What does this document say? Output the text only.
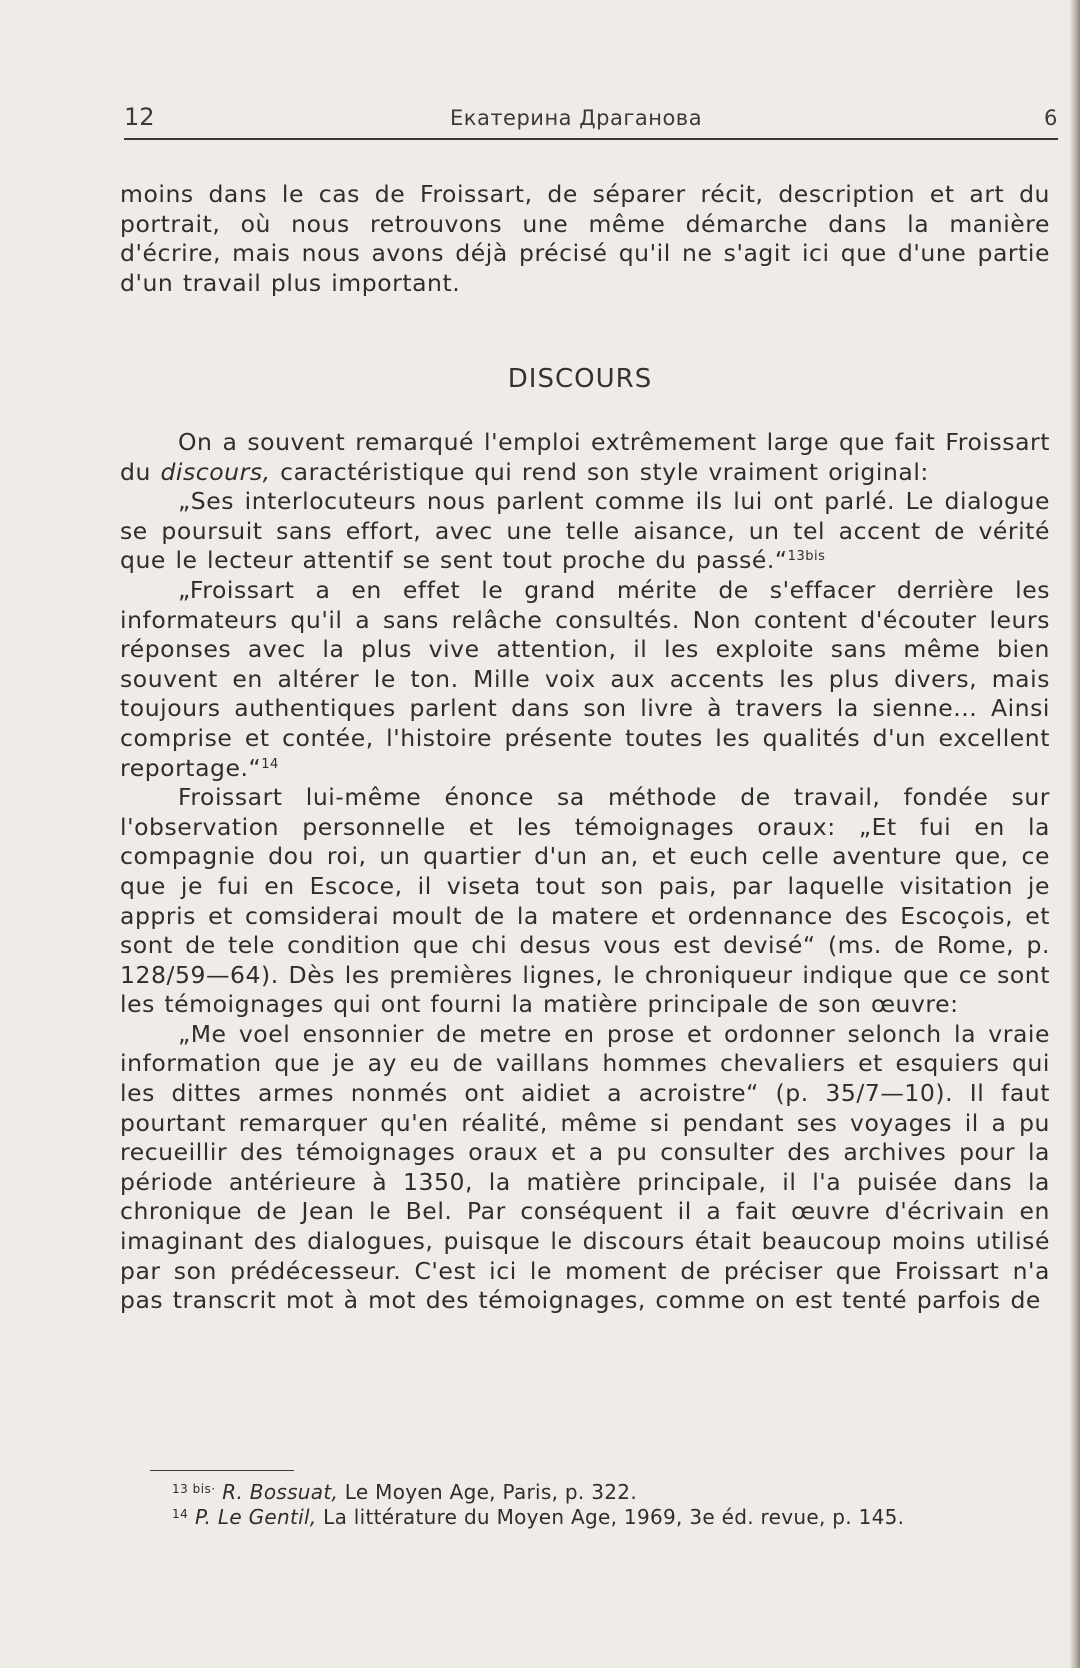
12	Екатерина Драганова	6

moins dans le cas de Froissart, de séparer récit, description et art du portrait, où nous retrouvons une même démarche dans la manière d'écrire, mais nous avons déjà précisé qu'il ne s'agit ici que d'une partie d'un travail plus important.

DISCOURS

On a souvent remarqué l'emploi extrêmement large que fait Froissart du discours, caractéristique qui rend son style vraiment original:

„Ses interlocuteurs nous parlent comme ils lui ont parlé. Le dialogue se poursuit sans effort, avec une telle aisance, un tel accent de vérité que le lecteur attentif se sent tout proche du passé.“$^{13bis}$

„Froissart a en effet le grand mérite de s'effacer derrière les informateurs qu'il a sans relâche consultés. Non content d'écouter leurs réponses avec la plus vive attention, il les exploite sans même bien souvent en altérer le ton. Mille voix aux accents les plus divers, mais toujours authentiques parlent dans son livre à travers la sienne... Ainsi comprise et contée, l'histoire présente toutes les qualités d'un excellent reportage.“$^{14}$

Froissart lui-même énonce sa méthode de travail, fondée sur l'observation personnelle et les témoignages oraux: „Et fui en la compagnie dou roi, un quartier d'un an, et euch celle aventure que, ce que je fui en Escoce, il viseta tout son pais, par laquelle visitation je appris et comsiderai moult de la matere et ordennance des Escoçois, et sont de tele condition que chi desus vous est devisé“ (ms. de Rome, p. 128/59—64). Dès les premières lignes, le chroniqueur indique que ce sont les témoignages qui ont fourni la matière principale de son œuvre:

„Me voel ensonnier de metre en prose et ordonner selonch la vraie information que je ay eu de vaillans hommes chevaliers et esquiers qui les dittes armes nonmés ont aidiet a acroistre“ (p. 35/7—10). Il faut pourtant remarquer qu'en réalité, même si pendant ses voyages il a pu recueillir des témoignages oraux et a pu consulter des archives pour la période antérieure à 1350, la matière principale, il l'a puisée dans la chronique de Jean le Bel. Par conséquent il a fait œuvre d'écrivain en imaginant des dialogues, puisque le discours était beaucoup moins utilisé par son prédécesseur. C'est ici le moment de préciser que Froissart n'a pas transcrit mot à mot des témoignages, comme on est tenté parfois de

$^{13 bis\cdot}$ R. Bossuat, Le Moyen Age, Paris, p. 322.
$^{14}$ P. Le Gentil, La littérature du Moyen Age, 1969, 3e éd. revue, p. 145.
